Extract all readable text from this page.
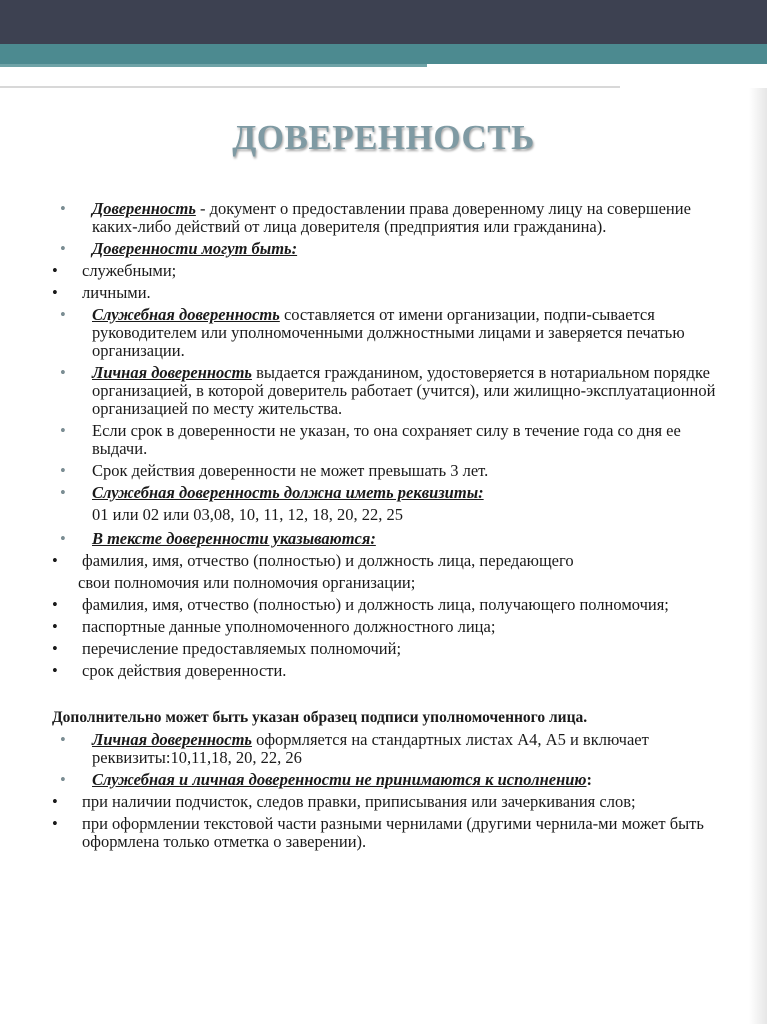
ДОВЕРЕННОСТЬ
• Доверенность - документ о предоставлении права доверенному лицу на совершение каких-либо действий от лица доверителя (предприятия или гражданина).
• Доверенности могут быть:
• служебными;
• личными.
• Служебная доверенность составляется от имени организации, подпи-сывается руководителем или уполномоченными должностными лицами и заверяется печатью организации.
• Личная доверенность выдается гражданином, удостоверяется в нотариальном порядке организацией, в которой доверитель работает (учится), или жилищно-эксплуатационной организацией по месту жительства.
• Если срок в доверенности не указан, то она сохраняет силу в течение года со дня ее выдачи.
• Срок действия доверенности не может превышать 3 лет.
• Служебная доверенность должна иметь реквизиты:
01 или 02 или 03,08, 10, 11, 12, 18, 20, 22, 25
• В тексте доверенности указываются:
• фамилия, имя, отчество (полностью) и должность лица, передающего
свои полномочия или полномочия организации;
• фамилия, имя, отчество (полностью) и должность лица, получающего полномочия;
• паспортные данные уполномоченного должностного лица;
• перечисление предоставляемых полномочий;
• срок действия доверенности.
Дополнительно может быть указан образец подписи уполномоченного лица.
• Личная доверенность оформляется на стандартных листах А4, А5 и включает реквизиты:10,11,18, 20, 22, 26
• Служебная и личная доверенности не принимаются к исполнению:
• при наличии подчисток, следов правки, приписывания или зачеркивания слов;
• при оформлении текстовой части разными чернилами (другими чернила-ми может быть оформлена только отметка о заверении).
